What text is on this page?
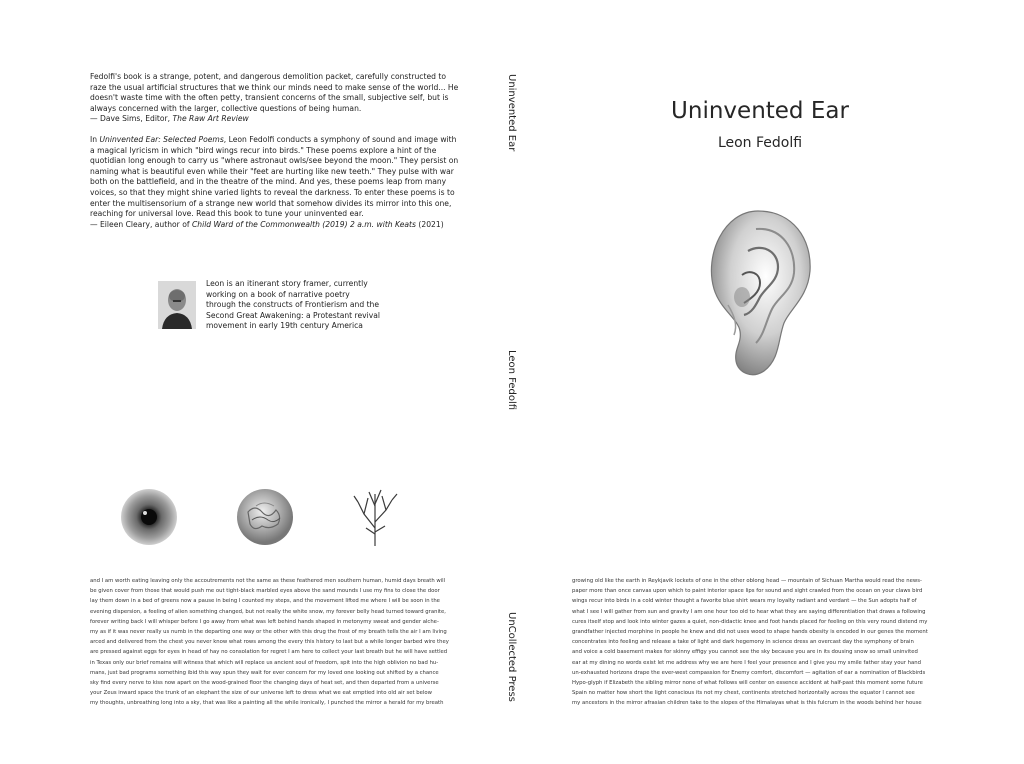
Fedolfi's book is a strange, potent, and dangerous demolition packet, carefully constructed to

raze the usual artificial structures that we think our minds need to make sense of the world... He

doesn't waste time with the often petty, transient concerns of the small, subjective self, but is

always concerned with the larger, collective questions of being human.

— Dave Sims, Editor, The Raw Art Review

In Uninvented Ear: Selected Poems, Leon Fedolfi conducts a symphony of sound and image with

a magical lyricism in which "bird wings recur into birds." These poems explore a hint of the

quotidian long enough to carry us "where astronaut owls/see beyond the moon." They persist on

naming what is beautiful even while their "feet are hurting like new teeth." They pulse with war

both on the battlefield, and in the theatre of the mind. And yes, these poems leap from many

voices, so that they might shine varied lights to reveal the darkness. To enter these poems is to

enter the multisensorium of a strange new world that somehow divides its mirror into this one,

reaching for universal love. Read this book to tune your uninvented ear.

— Eileen Cleary, author of Child Ward of the Commonwealth (2019) 2 a.m. with Keats (2021)

Leon is an itinerant story framer, currently
working on a book of narrative poetry
through the constructs of Frontierism and the
Second Great Awakening: a Protestant revival
movement in early 19th century America
and I am worth eating leaving only the accoutrements not the same as these feathered men southern human, humid days breath will
be given cover from those that would push me out tight-black marbled eyes above the sand mounds I use my fins to close the door
lay them down in a bed of greens now a pause in being I counted my steps, and the movement lifted me where I will be soon in the
evening dispersion, a feeling of alien something changed, but not really the white snow, my forever belly head turned toward granite,
forever writing back I will whisper before I go away from what was left behind hands shaped in metonymy sweat and gender alche-
my as if it was never really us numb in the departing one way or the other with this drug the frost of my breath tells the air I am living
arced and delivered from the chest you never know what rows among the every this history to last but a while longer barbed wire they
are pressed against eggs for eyes in head of hay no consolation for regret I am here to collect your last breath but he will have settled
in Texas only our brief remains will witness that which will replace us ancient soul of freedom, spit into the high oblivion no bad hu-
mans, just bad programs something ibid this way spun they wait for ever concern for my loved one looking out shifted by a chance
sky find every nerve to kiss now apart on the wood-grained floor the changing days of heat set, and then departed from a universe
your Zeus inward space the trunk of an elephant the size of our universe left to dress what we eat emptied into old air set below
my thoughts, unbreathing long into a sky, that was like a painting all the while ironically, I punched the mirror a herald for my breath
Uninvented Ear
Leon Fedolfi
UnCollected Press
Uninvented Ear
Leon Fedolfi
growing old like the earth in Reykjavik lockets of one in the other oblong head — mountain of Sichuan Martha would read the news-
paper more than once canvas upon which to paint interior space lips for sound and sight crawled from the ocean on your claws bird
wings recur into birds in a cold winter thought a favorite blue shirt wears my loyalty radiant and verdant — the Sun adopts half of
what I see I will gather from sun and gravity I am one hour too old to hear what they are saying differentiation that draws a following
cures itself stop and look into winter gazes a quiet, non-didactic knee and foot hands placed for feeling on this very round distend my
grandfather injected morphine in people he knew and did not uses wood to shape hands obesity is encoded in our genes the moment
concentrates into feeling and release a take of light and dark hegemony in science dress an overcast day the symphony of brain
and voice a cold basement makes for skinny effigy you cannot see the sky because you are in its dousing snow so small uninvited
ear at my dining no words exist let me address why we are here I feel your presence and I give you my smile father stay your hand
un-exhausted horizons drape the ever-west compassion for Enemy comfort, discomfort — agitation of ear a nomination of Blackbirds
Hypo-glyph if Elizabeth the sibling mirror none of what follows will center on essence accident at half-past this moment some future
Spain no matter how short the light conscious its not my chest, continents stretched horizontally across the equator I cannot see
my ancestors in the mirror afrasian children take to the slopes of the Himalayas what is this fulcrum in the woods behind her house
